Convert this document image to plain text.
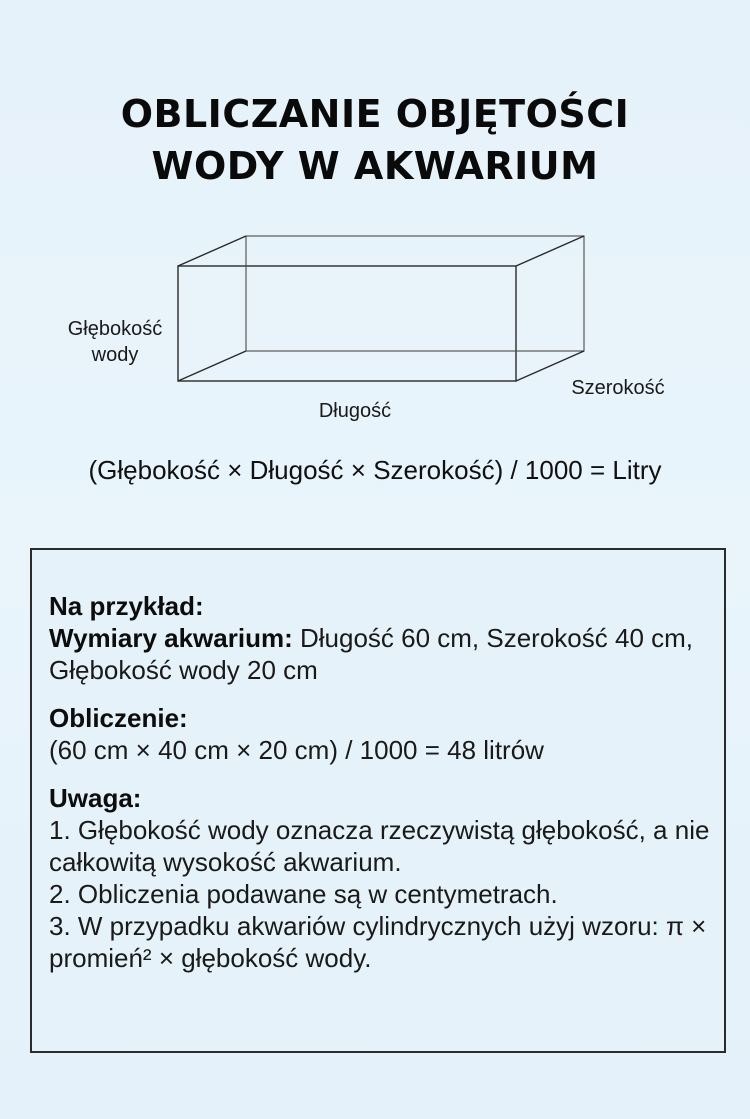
OBLICZANIE OBJĘTOŚCI
WODY W AKWARIUM
Głębokość
wody
Długość
Szerokość
(Głębokość × Długość × Szerokość) / 1000 = Litry
Na przykład:
Wymiary akwarium: Długość 60 cm, Szerokość 40 cm, Głębokość wody 20 cm
Obliczenie:
(60 cm × 40 cm × 20 cm) / 1000 = 48 litrów
Uwaga:
1. Głębokość wody oznacza rzeczywistą głębokość, a nie całkowitą wysokość akwarium.
2. Obliczenia podawane są w centymetrach.
3. W przypadku akwariów cylindrycznych użyj wzoru: π × promień² × głębokość wody.
